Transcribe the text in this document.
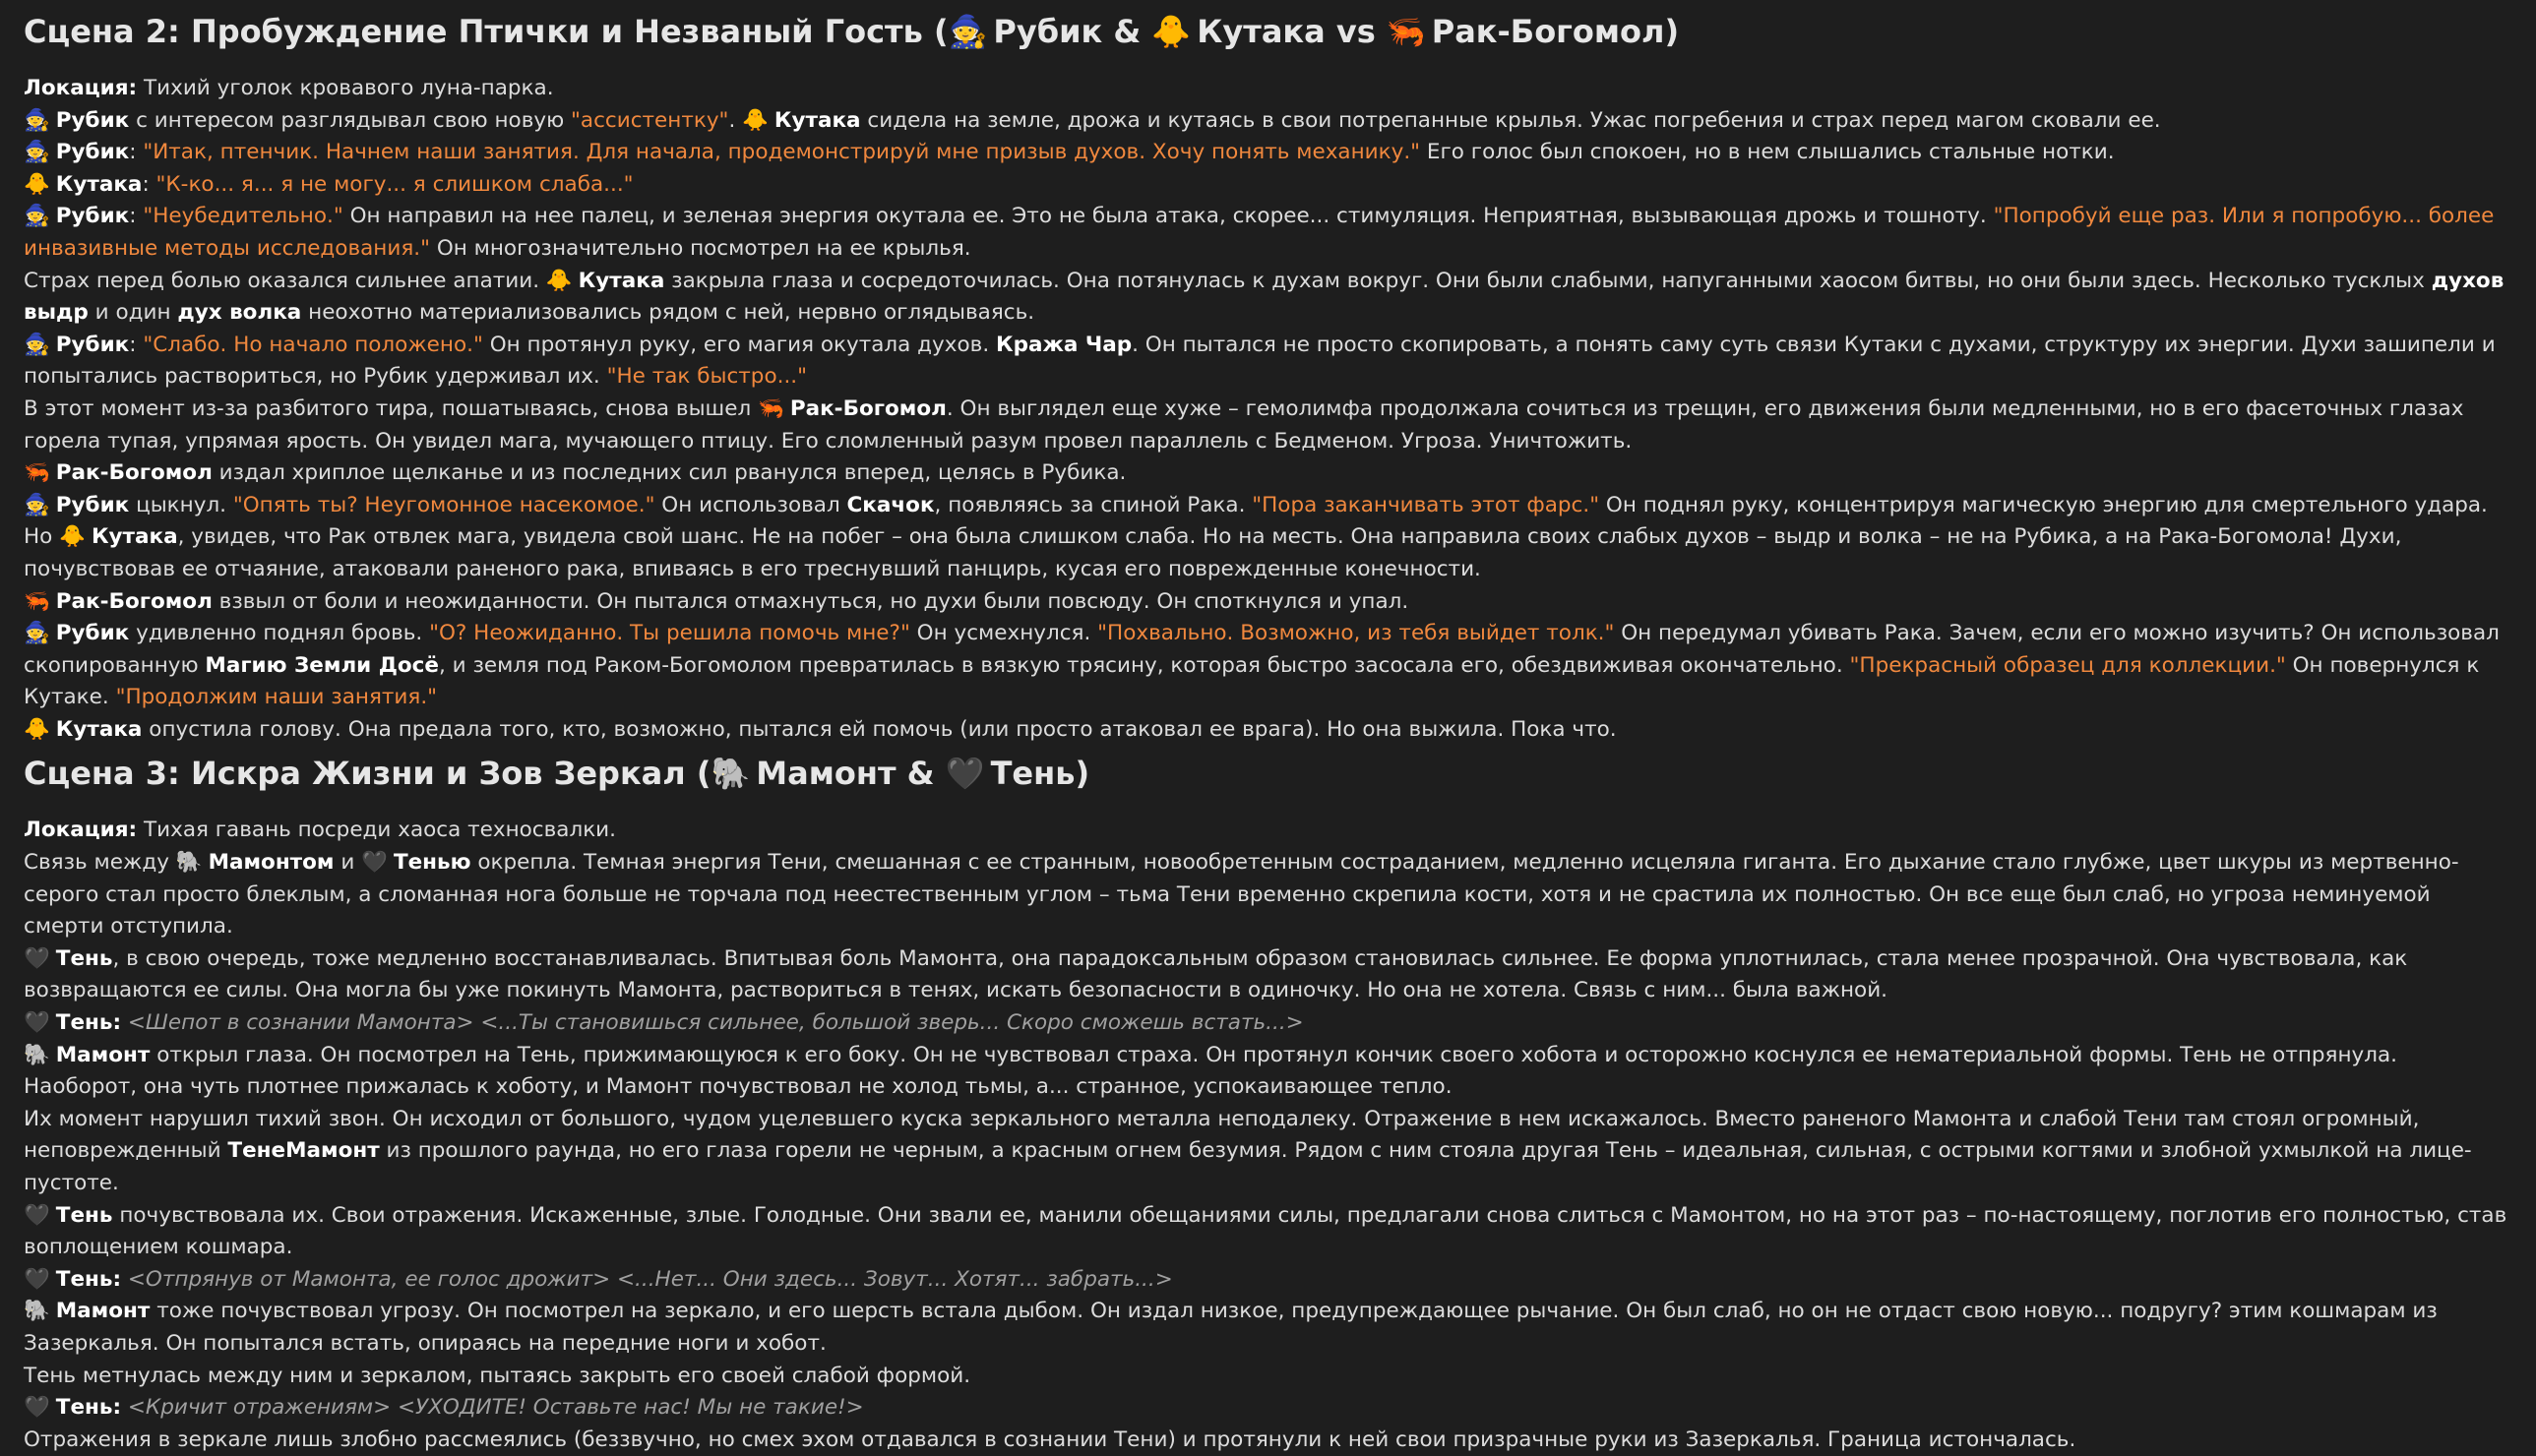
Сцена 2: Пробуждение Птички и Незваный Гость (🧙 Рубик & 🐥 Кутака vs 🦐 Рак-Богомол)

Локация: Тихий уголок кровавого луна-парка.

🧙 Рубик с интересом разглядывал свою новую "ассистентку". 🐥 Кутака сидела на земле, дрожа и кутаясь в свои потрепанные крылья. Ужас погребения и страх перед магом сковали ее.

🧙 Рубик: "Итак, птенчик. Начнем наши занятия. Для начала, продемонстрируй мне призыв духов. Хочу понять механику." Его голос был спокоен, но в нем слышались стальные нотки.

🐥 Кутака: "К-ко... я... я не могу... я слишком слаба..."

🧙 Рубик: "Неубедительно." Он направил на нее палец, и зеленая энергия окутала ее. Это не была атака, скорее... стимуляция. Неприятная, вызывающая дрожь и тошноту. "Попробуй еще раз. Или я попробую... более инвазивные методы исследования." Он многозначительно посмотрел на ее крылья.

Страх перед болью оказался сильнее апатии. 🐥 Кутака закрыла глаза и сосредоточилась. Она потянулась к духам вокруг. Они были слабыми, напуганными хаосом битвы, но они были здесь. Несколько тусклых духов выдр и один дух волка неохотно материализовались рядом с ней, нервно оглядываясь.

🧙 Рубик: "Слабо. Но начало положено." Он протянул руку, его магия окутала духов. Кража Чар. Он пытался не просто скопировать, а понять саму суть связи Кутаки с духами, структуру их энергии. Духи зашипели и попытались раствориться, но Рубик удерживал их. "Не так быстро..."

В этот момент из-за разбитого тира, пошатываясь, снова вышел 🦐 Рак-Богомол. Он выглядел еще хуже – гемолимфа продолжала сочиться из трещин, его движения были медленными, но в его фасеточных глазах горела тупая, упрямая ярость. Он увидел мага, мучающего птицу. Его сломленный разум провел параллель с Бедменом. Угроза. Уничтожить.

🦐 Рак-Богомол издал хриплое щелканье и из последних сил рванулся вперед, целясь в Рубика.

🧙 Рубик цыкнул. "Опять ты? Неугомонное насекомое." Он использовал Скачок, появляясь за спиной Рака. "Пора заканчивать этот фарс." Он поднял руку, концентрируя магическую энергию для смертельного удара.

Но 🐥 Кутака, увидев, что Рак отвлек мага, увидела свой шанс. Не на побег – она была слишком слаба. Но на месть. Она направила своих слабых духов – выдр и волка – не на Рубика, а на Рака-Богомола! Духи, почувствовав ее отчаяние, атаковали раненого рака, впиваясь в его треснувший панцирь, кусая его поврежденные конечности.

🦐 Рак-Богомол взвыл от боли и неожиданности. Он пытался отмахнуться, но духи были повсюду. Он споткнулся и упал.

🧙 Рубик удивленно поднял бровь. "О? Неожиданно. Ты решила помочь мне?" Он усмехнулся. "Похвально. Возможно, из тебя выйдет толк." Он передумал убивать Рака. Зачем, если его можно изучить? Он использовал скопированную Магию Земли Досё, и земля под Раком-Богомолом превратилась в вязкую трясину, которая быстро засосала его, обездвиживая окончательно. "Прекрасный образец для коллекции." Он повернулся к Кутаке. "Продолжим наши занятия."

🐥 Кутака опустила голову. Она предала того, кто, возможно, пытался ей помочь (или просто атаковал ее врага). Но она выжила. Пока что.

Сцена 3: Искра Жизни и Зов Зеркал (🐘 Мамонт & 🖤 Тень)

Локация: Тихая гавань посреди хаоса техносвалки.

Связь между 🐘 Мамонтом и 🖤 Тенью окрепла. Темная энергия Тени, смешанная с ее странным, новообретенным состраданием, медленно исцеляла гиганта. Его дыхание стало глубже, цвет шкуры из мертвенно-серого стал просто блеклым, а сломанная нога больше не торчала под неестественным углом – тьма Тени временно скрепила кости, хотя и не срастила их полностью. Он все еще был слаб, но угроза неминуемой смерти отступила.

🖤 Тень, в свою очередь, тоже медленно восстанавливалась. Впитывая боль Мамонта, она парадоксальным образом становилась сильнее. Ее форма уплотнилась, стала менее прозрачной. Она чувствовала, как возвращаются ее силы. Она могла бы уже покинуть Мамонта, раствориться в тенях, искать безопасности в одиночку. Но она не хотела. Связь с ним... была важной.

🖤 Тень: <Шепот в сознании Мамонта> <...Ты становишься сильнее, большой зверь... Скоро сможешь встать...>

🐘 Мамонт открыл глаза. Он посмотрел на Тень, прижимающуюся к его боку. Он не чувствовал страха. Он протянул кончик своего хобота и осторожно коснулся ее нематериальной формы. Тень не отпрянула. Наоборот, она чуть плотнее прижалась к хоботу, и Мамонт почувствовал не холод тьмы, а... странное, успокаивающее тепло.

Их момент нарушил тихий звон. Он исходил от большого, чудом уцелевшего куска зеркального металла неподалеку. Отражение в нем искажалось. Вместо раненого Мамонта и слабой Тени там стоял огромный, неповрежденный ТенеМамонт из прошлого раунда, но его глаза горели не черным, а красным огнем безумия. Рядом с ним стояла другая Тень – идеальная, сильная, с острыми когтями и злобной ухмылкой на лице-пустоте.

🖤 Тень почувствовала их. Свои отражения. Искаженные, злые. Голодные. Они звали ее, манили обещаниями силы, предлагали снова слиться с Мамонтом, но на этот раз – по-настоящему, поглотив его полностью, став воплощением кошмара.

🖤 Тень: <Отпрянув от Мамонта, ее голос дрожит> <...Нет... Они здесь... Зовут... Хотят... забрать...>

🐘 Мамонт тоже почувствовал угрозу. Он посмотрел на зеркало, и его шерсть встала дыбом. Он издал низкое, предупреждающее рычание. Он был слаб, но он не отдаст свою новую... подругу? этим кошмарам из Зазеркалья. Он попытался встать, опираясь на передние ноги и хобот.

Тень метнулась между ним и зеркалом, пытаясь закрыть его своей слабой формой.

🖤 Тень: <Кричит отражениям> <УХОДИТЕ! Оставьте нас! Мы не такие!>

Отражения в зеркале лишь злобно рассмеялись (беззвучно, но смех эхом отдавался в сознании Тени) и протянули к ней свои призрачные руки из Зазеркалья. Граница истончалась.
